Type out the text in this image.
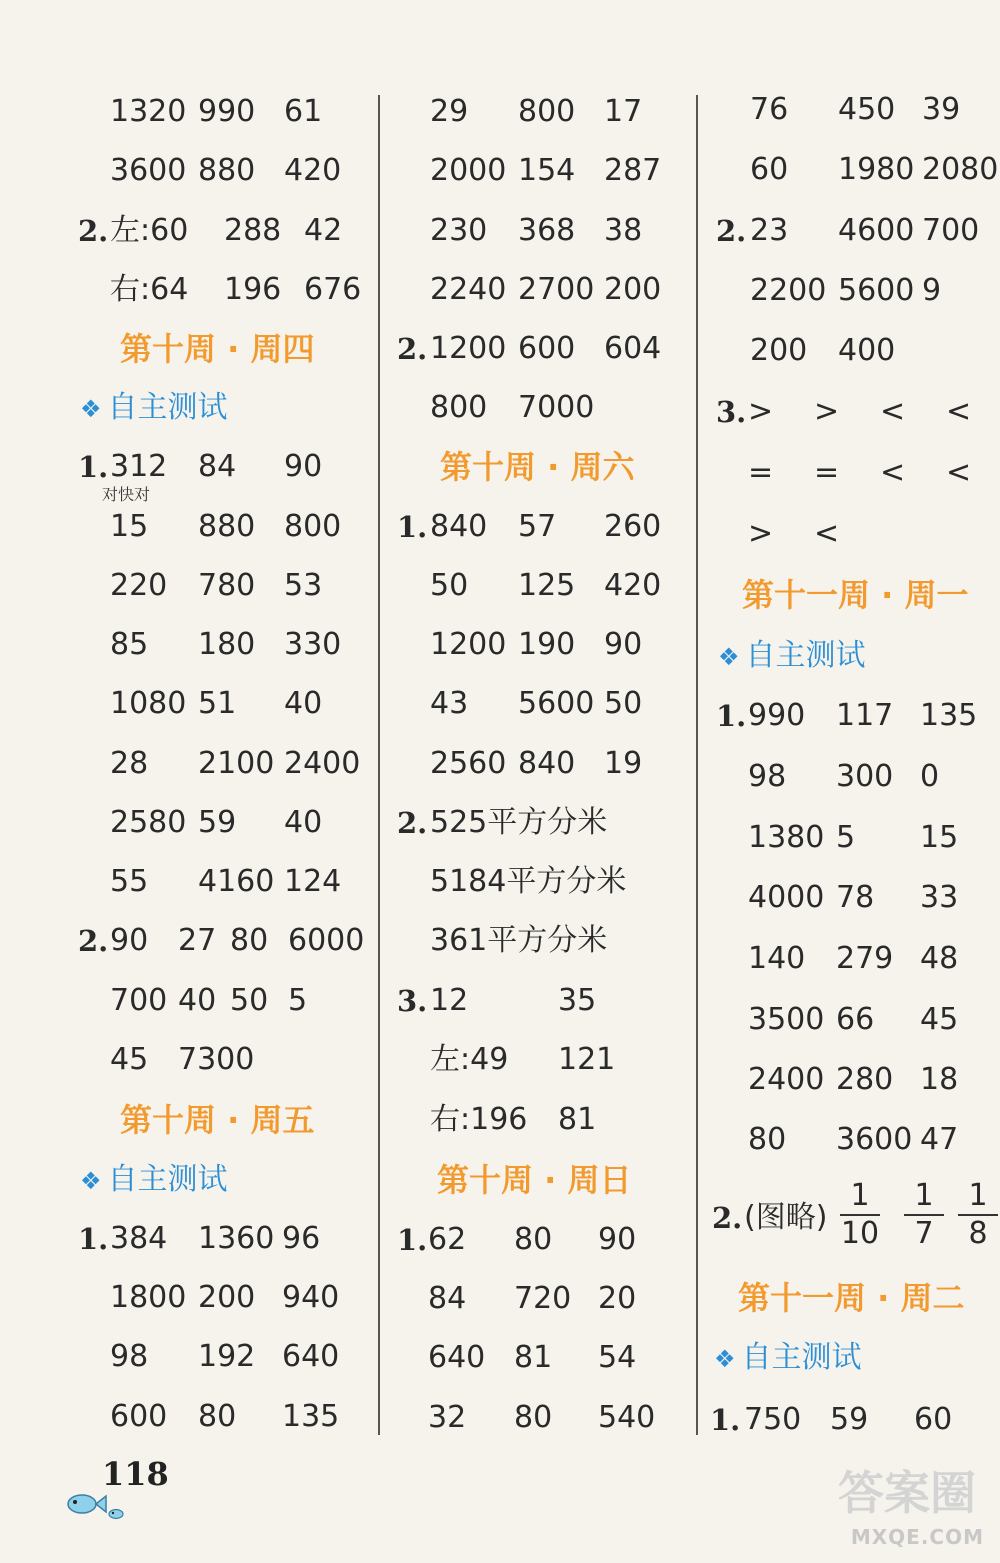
1320 990 61
3600 880 420
2. 左:60 288 42
右:64 196 676
第十周 · 周四
❖ 自主测试
1. 312 84 90
对快对
15 880 800
220 780 53
85 180 330
1080 51 40
28 2100 2400
2580 59 40
55 4160 124
2. 90 27 80 6000
700 40 50 5
45 7300
第十周 · 周五
❖ 自主测试
1. 384 1360 96
1800 200 940
98 192 640
600 80 135
29 800 17
2000 154 287
230 368 38
2240 2700 200
2. 1200 600 604
800 7000
第十周 · 周六
1. 840 57 260
50 125 420
1200 190 90
43 5600 50
2560 840 19
2. 525平方分米
5184平方分米
361平方分米
3. 12	35
左:49 121
右:196 81
第十周 · 周日
1. 62 80 90
84 720 20
640 81 54
32 80 540
76 450 39
60 1980 2080
2. 23 4600 700
2200 5600 9
200 400
3. > > < <
= = < <
> <
第十一周 · 周一
❖ 自主测试
1. 990 117 135
98 300 0
1380 5 15
4000 78 33
140 279 48
3500 66 45
2400 280 18
80 3600 47
2. (图略)
1
10
1
7
1
8
第十一周 · 周二
❖ 自主测试
1. 750 59 60
118	答案圈
MXQE.COM
